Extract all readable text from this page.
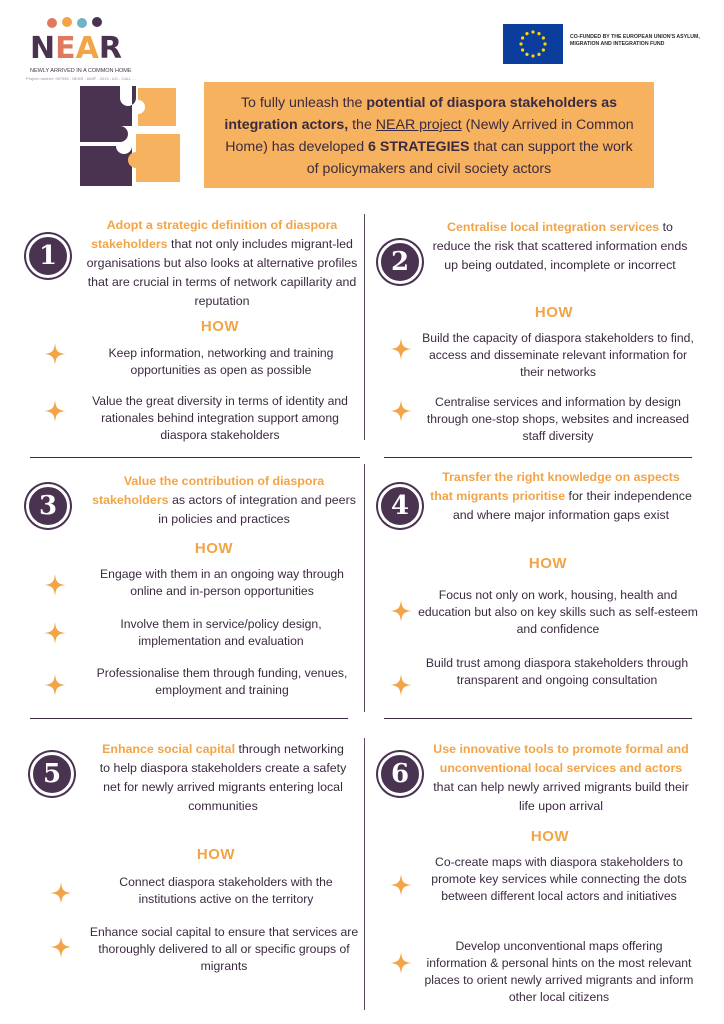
NEAR
NEWLY ARRIVED IN A COMMON HOME
Project number: 957956 - NEAR - AMIF - 2019 - AG - CALL ...
CO-FUNDED BY THE EUROPEAN UNION'S ASYLUM, MIGRATION AND INTEGRATION FUND
To fully unleash the potential of diaspora stakeholders as integration actors, the NEAR project (Newly Arrived in Common Home) has developed 6 STRATEGIES that can support the work of policymakers and civil society actors
1
Adopt a strategic definition of diaspora stakeholders that not only includes migrant-led organisations but also looks at alternative profiles that are crucial in terms of network capillarity and reputation
HOW
Keep information, networking and training opportunities as open as possible
Value the great diversity in terms of identity and rationales behind integration support among diaspora stakeholders
2
Centralise local integration services to reduce the risk that scattered information ends up being outdated, incomplete or incorrect
HOW
Build the capacity of diaspora stakeholders to find, access and disseminate relevant information for their networks
Centralise services and information by design through one-stop shops, websites and increased staff diversity
3
Value the contribution of diaspora stakeholders as actors of integration and peers in policies and practices
HOW
Engage with them in an ongoing way through online and in-person opportunities
Involve them in service/policy design, implementation and evaluation
Professionalise them through funding, venues, employment and training
4
Transfer the right knowledge on aspects that migrants prioritise for their independence and where major information gaps exist
HOW
Focus not only on work, housing, health and education but also on key skills such as self-esteem and confidence
Build trust among diaspora stakeholders through transparent and ongoing consultation
5
Enhance social capital through networking to help diaspora stakeholders create a safety net for newly arrived migrants entering local communities
HOW
Connect diaspora stakeholders with the institutions active on the territory
Enhance social capital to ensure that services are thoroughly delivered to all or specific groups of migrants
6
Use innovative tools to promote formal and unconventional local services and actors that can help newly arrived migrants build their life upon arrival
HOW
Co-create maps with diaspora stakeholders to promote key services while connecting the dots between different local actors and initiatives
Develop unconventional maps offering information & personal hints on the most relevant places to orient newly arrived migrants and inform other local citizens
